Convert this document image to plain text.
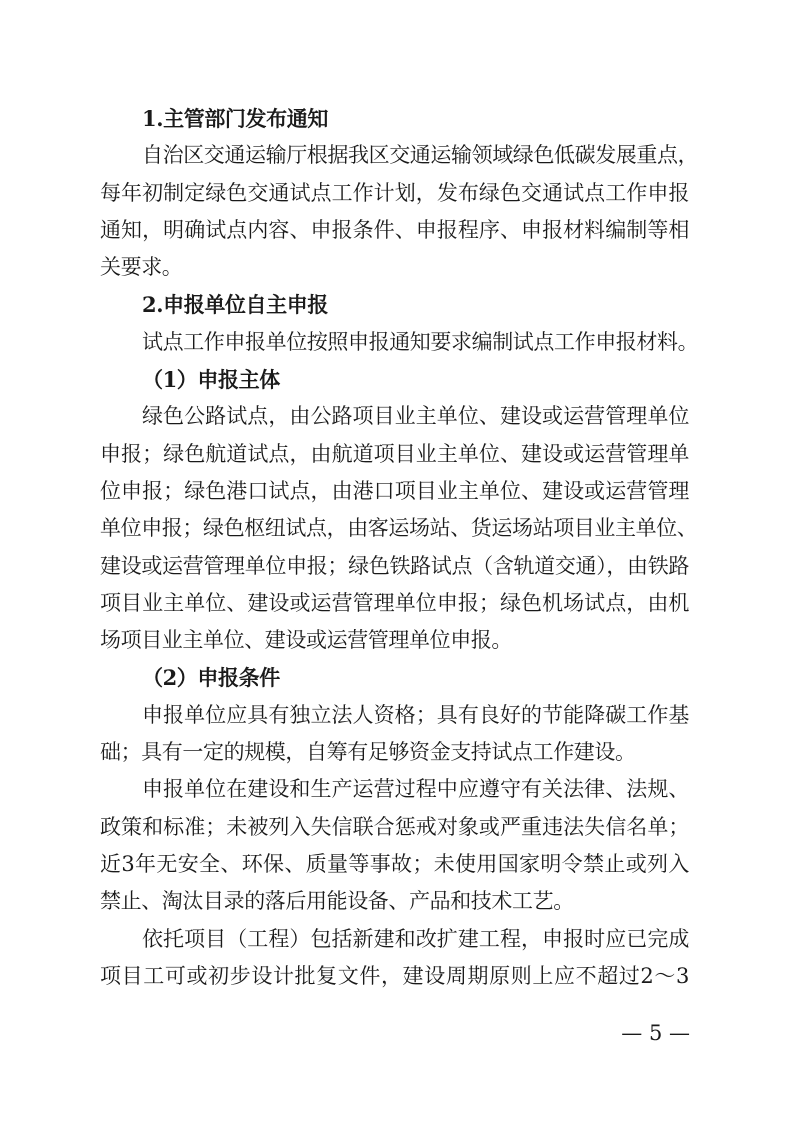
1.主管部门发布通知
自治区交通运输厅根据我区交通运输领域绿色低碳发展重点，
每年初制定绿色交通试点工作计划，发布绿色交通试点工作申报
通知，明确试点内容、申报条件、申报程序、申报材料编制等相
关要求。
2.申报单位自主申报
试点工作申报单位按照申报通知要求编制试点工作申报材料。
（1）申报主体
绿色公路试点，由公路项目业主单位、建设或运营管理单位
申报；绿色航道试点，由航道项目业主单位、建设或运营管理单
位申报；绿色港口试点，由港口项目业主单位、建设或运营管理
单位申报；绿色枢纽试点，由客运场站、货运场站项目业主单位、
建设或运营管理单位申报；绿色铁路试点（含轨道交通），由铁路
项目业主单位、建设或运营管理单位申报；绿色机场试点，由机
场项目业主单位、建设或运营管理单位申报。
（2）申报条件
申报单位应具有独立法人资格；具有良好的节能降碳工作基
础；具有一定的规模，自筹有足够资金支持试点工作建设。
申报单位在建设和生产运营过程中应遵守有关法律、法规、
政策和标准；未被列入失信联合惩戒对象或严重违法失信名单；
近3年无安全、环保、质量等事故；未使用国家明令禁止或列入
禁止、淘汰目录的落后用能设备、产品和技术工艺。
依托项目（工程）包括新建和改扩建工程，申报时应已完成
项目工可或初步设计批复文件，建设周期原则上应不超过2～3
— 5 —
